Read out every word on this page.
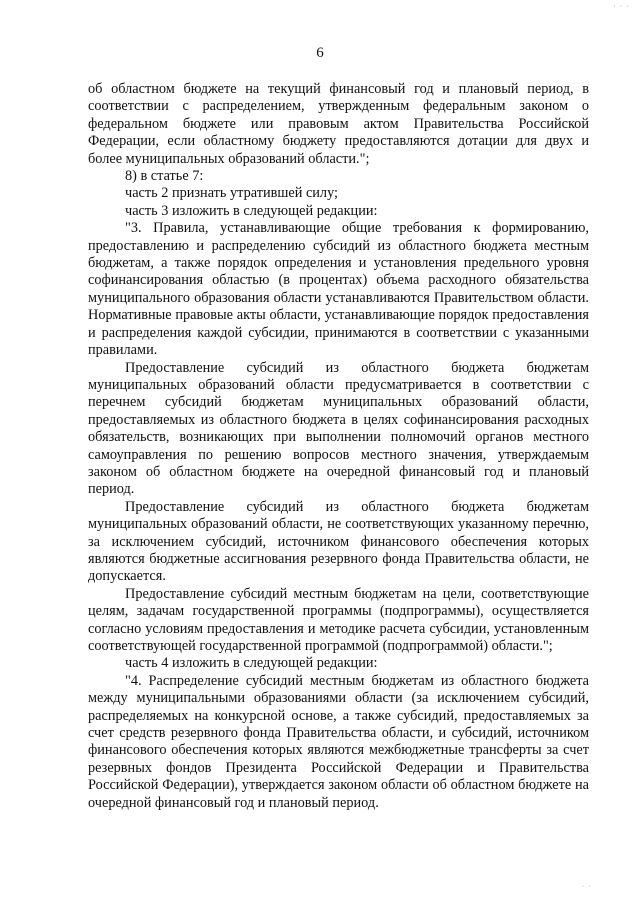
· · ·
6

об областном бюджете на текущий финансовый год и плановый период, в соответствии с распределением, утвержденным федеральным законом о федеральном бюджете или правовым актом Правительства Российской Федерации, если областному бюджету предоставляются дотации для двух и более муниципальных образований области.";

8) в статье 7:

часть 2 признать утратившей силу;

часть 3 изложить в следующей редакции:

"3. Правила, устанавливающие общие требования к формированию, предоставлению и распределению субсидий из областного бюджета местным бюджетам, а также порядок определения и установления предельного уровня софинансирования областью (в процентах) объема расходного обязательства муниципального образования области устанавливаются Правительством области. Нормативные правовые акты области, устанавливающие порядок предоставления и распределения каждой субсидии, принимаются в соответствии с указанными правилами.

Предоставление субсидий из областного бюджета бюджетам муниципальных образований области предусматривается в соответствии с перечнем субсидий бюджетам муниципальных образований области, предоставляемых из областного бюджета в целях софинансирования расходных обязательств, возникающих при выполнении полномочий органов местного самоуправления по решению вопросов местного значения, утверждаемым законом об областном бюджете на очередной финансовый год и плановый период.

Предоставление субсидий из областного бюджета бюджетам муниципальных образований области, не соответствующих указанному перечню, за исключением субсидий, источником финансового обеспечения которых являются бюджетные ассигнования резервного фонда Правительства области, не допускается.

Предоставление субсидий местным бюджетам на цели, соответствующие целям, задачам государственной программы (подпрограммы), осуществляется согласно условиям предоставления и методике расчета субсидии, установленным соответствующей государственной программой (подпрограммой) области.";

часть 4 изложить в следующей редакции:

"4. Распределение субсидий местным бюджетам из областного бюджета между муниципальными образованиями области (за исключением субсидий, распределяемых на конкурсной основе, а также субсидий, предоставляемых за счет средств резервного фонда Правительства области, и субсидий, источником финансового обеспечения которых являются межбюджетные трансферты за счет резервных фондов Президента Российской Федерации и Правительства Российской Федерации), утверждается законом области об областном бюджете на очередной финансовый год и плановый период.

· ·
